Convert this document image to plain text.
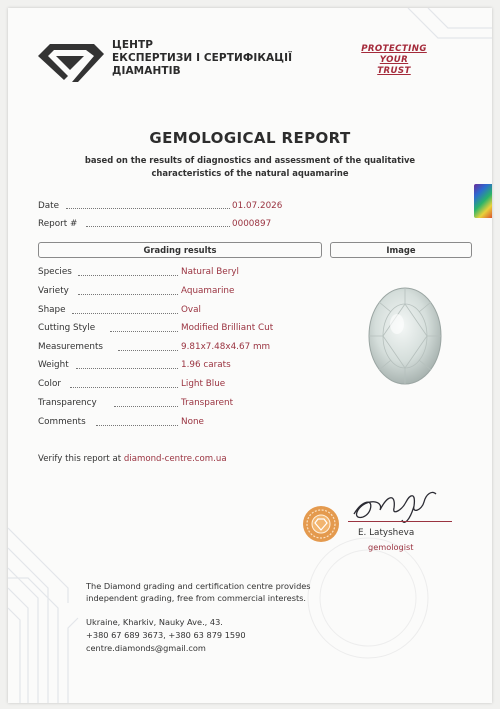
ЦЕНТР
ЕКСПЕРТИЗИ І СЕРТИФІКАЦІЇ
ДІАМАНТІВ
PROTECTING
YOUR
TRUST
GEMOLOGICAL REPORT
based on the results of diagnostics and assessment of the qualitative
characteristics of the natural aquamarine
Date	01.07.2026
Report #	0000897
Grading results	Image
Species	Natural Beryl
Variety	Aquamarine
Shape	Oval
Cutting Style	Modified Brilliant Cut
Measurements	9.81x7.48x4.67 mm
Weight	1.96 carats
Color	Light Blue
Transparency	Transparent
Comments	None
Verify this report at diamond-centre.com.ua
E. Latysheva
gemologist
The Diamond grading and certification centre provides
independent grading, free from commercial interests.
Ukraine, Kharkiv, Nauky Ave., 43.
+380 67 689 3673, +380 63 879 1590
centre.diamonds@gmail.com
